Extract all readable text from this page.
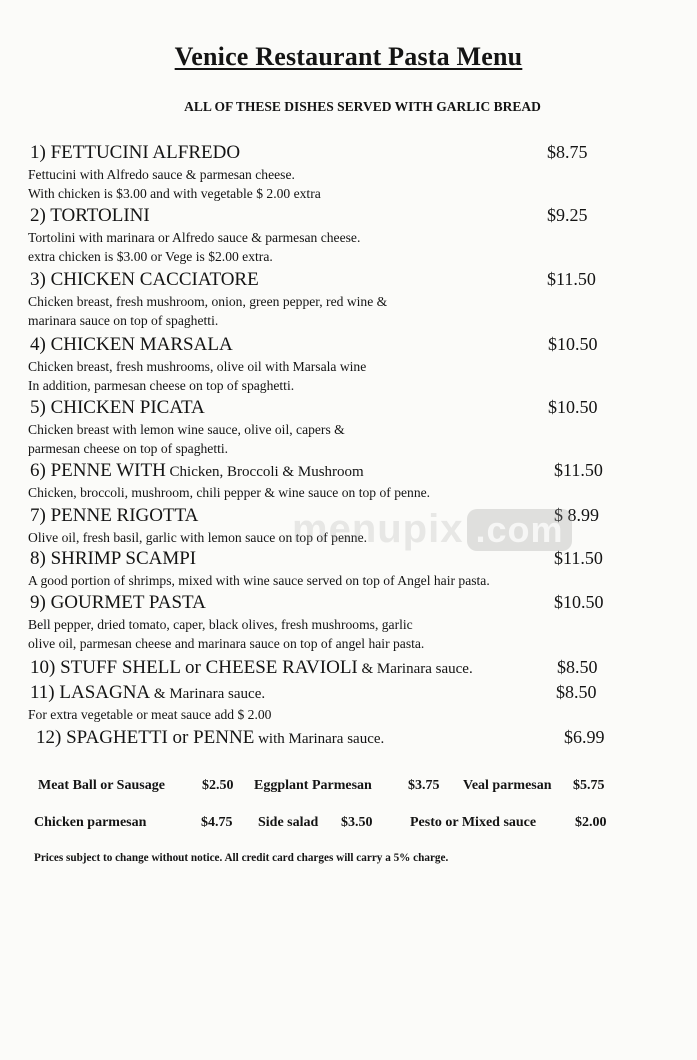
Venice Restaurant Pasta Menu
ALL OF THESE DISHES SERVED WITH GARLIC BREAD
1) FETTUCINI ALFREDO	$8.75
Fettucini with Alfredo sauce & parmesan cheese.
With chicken is $3.00 and with vegetable $ 2.00 extra
2) TORTOLINI	$9.25
Tortolini with marinara or Alfredo sauce & parmesan cheese.
extra chicken is $3.00 or Vege is $2.00 extra.
3) CHICKEN CACCIATORE	$11.50
Chicken breast, fresh mushroom, onion, green pepper, red wine &
marinara sauce on top of spaghetti.
4) CHICKEN MARSALA	$10.50
Chicken breast, fresh mushrooms, olive oil with Marsala wine
In addition, parmesan cheese on top of spaghetti.
5) CHICKEN PICATA	$10.50
Chicken breast with lemon wine sauce, olive oil, capers &
parmesan cheese on top of spaghetti.
6) PENNE WITH Chicken, Broccoli & Mushroom	$11.50
Chicken, broccoli, mushroom, chili pepper & wine sauce on top of penne.
7) PENNE RIGOTTA	$ 8.99
Olive oil, fresh basil, garlic with lemon sauce on top of penne.
8) SHRIMP SCAMPI	$11.50
A good portion of shrimps, mixed with wine sauce served on top of Angel hair pasta.
9) GOURMET PASTA	$10.50
Bell pepper, dried tomato, caper, black olives, fresh mushrooms, garlic
olive oil, parmesan cheese and marinara sauce on top of angel hair pasta.
10) STUFF SHELL or CHEESE RAVIOLI & Marinara sauce.	$8.50
11) LASAGNA & Marinara sauce.	$8.50
For extra vegetable or meat sauce add $ 2.00
12) SPAGHETTI or PENNE with Marinara sauce.	$6.99
Meat Ball or Sausage	$2.50 Eggplant Parmesan	$3.75 Veal parmesan $5.75
Chicken parmesan	$4.75 Side salad $3.50	Pesto or Mixed sauce	$2.00
Prices subject to change without notice. All credit card charges will carry a 5% charge.
menupix .com
